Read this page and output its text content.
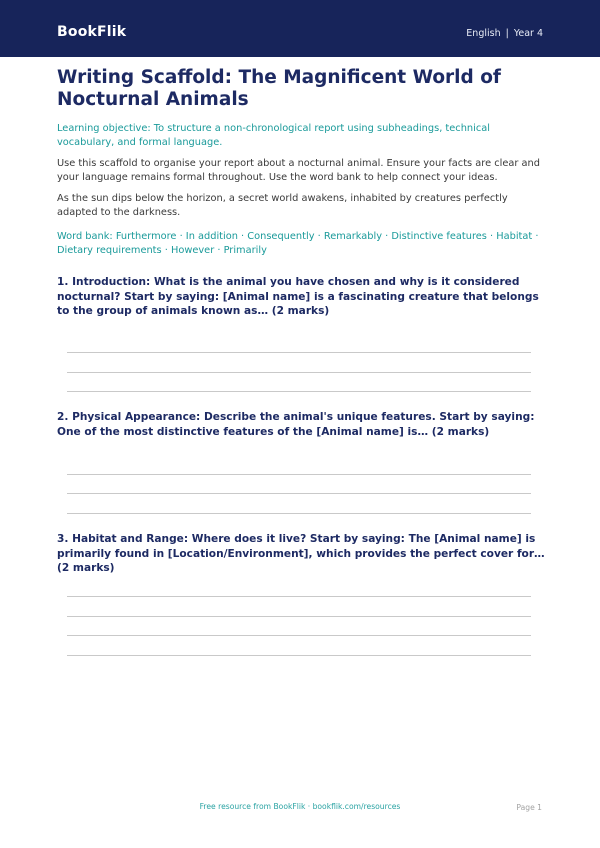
BookFlik	English | Year 4
Writing Scaffold: The Magnificent World of Nocturnal Animals
Learning objective: To structure a non-chronological report using subheadings, technical vocabulary, and formal language.
Use this scaffold to organise your report about a nocturnal animal. Ensure your facts are clear and your language remains formal throughout. Use the word bank to help connect your ideas.
As the sun dips below the horizon, a secret world awakens, inhabited by creatures perfectly adapted to the darkness.
Word bank: Furthermore · In addition · Consequently · Remarkably · Distinctive features · Habitat · Dietary requirements · However · Primarily
1. Introduction: What is the animal you have chosen and why is it considered nocturnal? Start by saying: [Animal name] is a fascinating creature that belongs to the group of animals known as… (2 marks)
2. Physical Appearance: Describe the animal's unique features. Start by saying: One of the most distinctive features of the [Animal name] is… (2 marks)
3. Habitat and Range: Where does it live? Start by saying: The [Animal name] is primarily found in [Location/Environment], which provides the perfect cover for… (2 marks)
Free resource from BookFlik · bookflik.com/resources	Page 1
